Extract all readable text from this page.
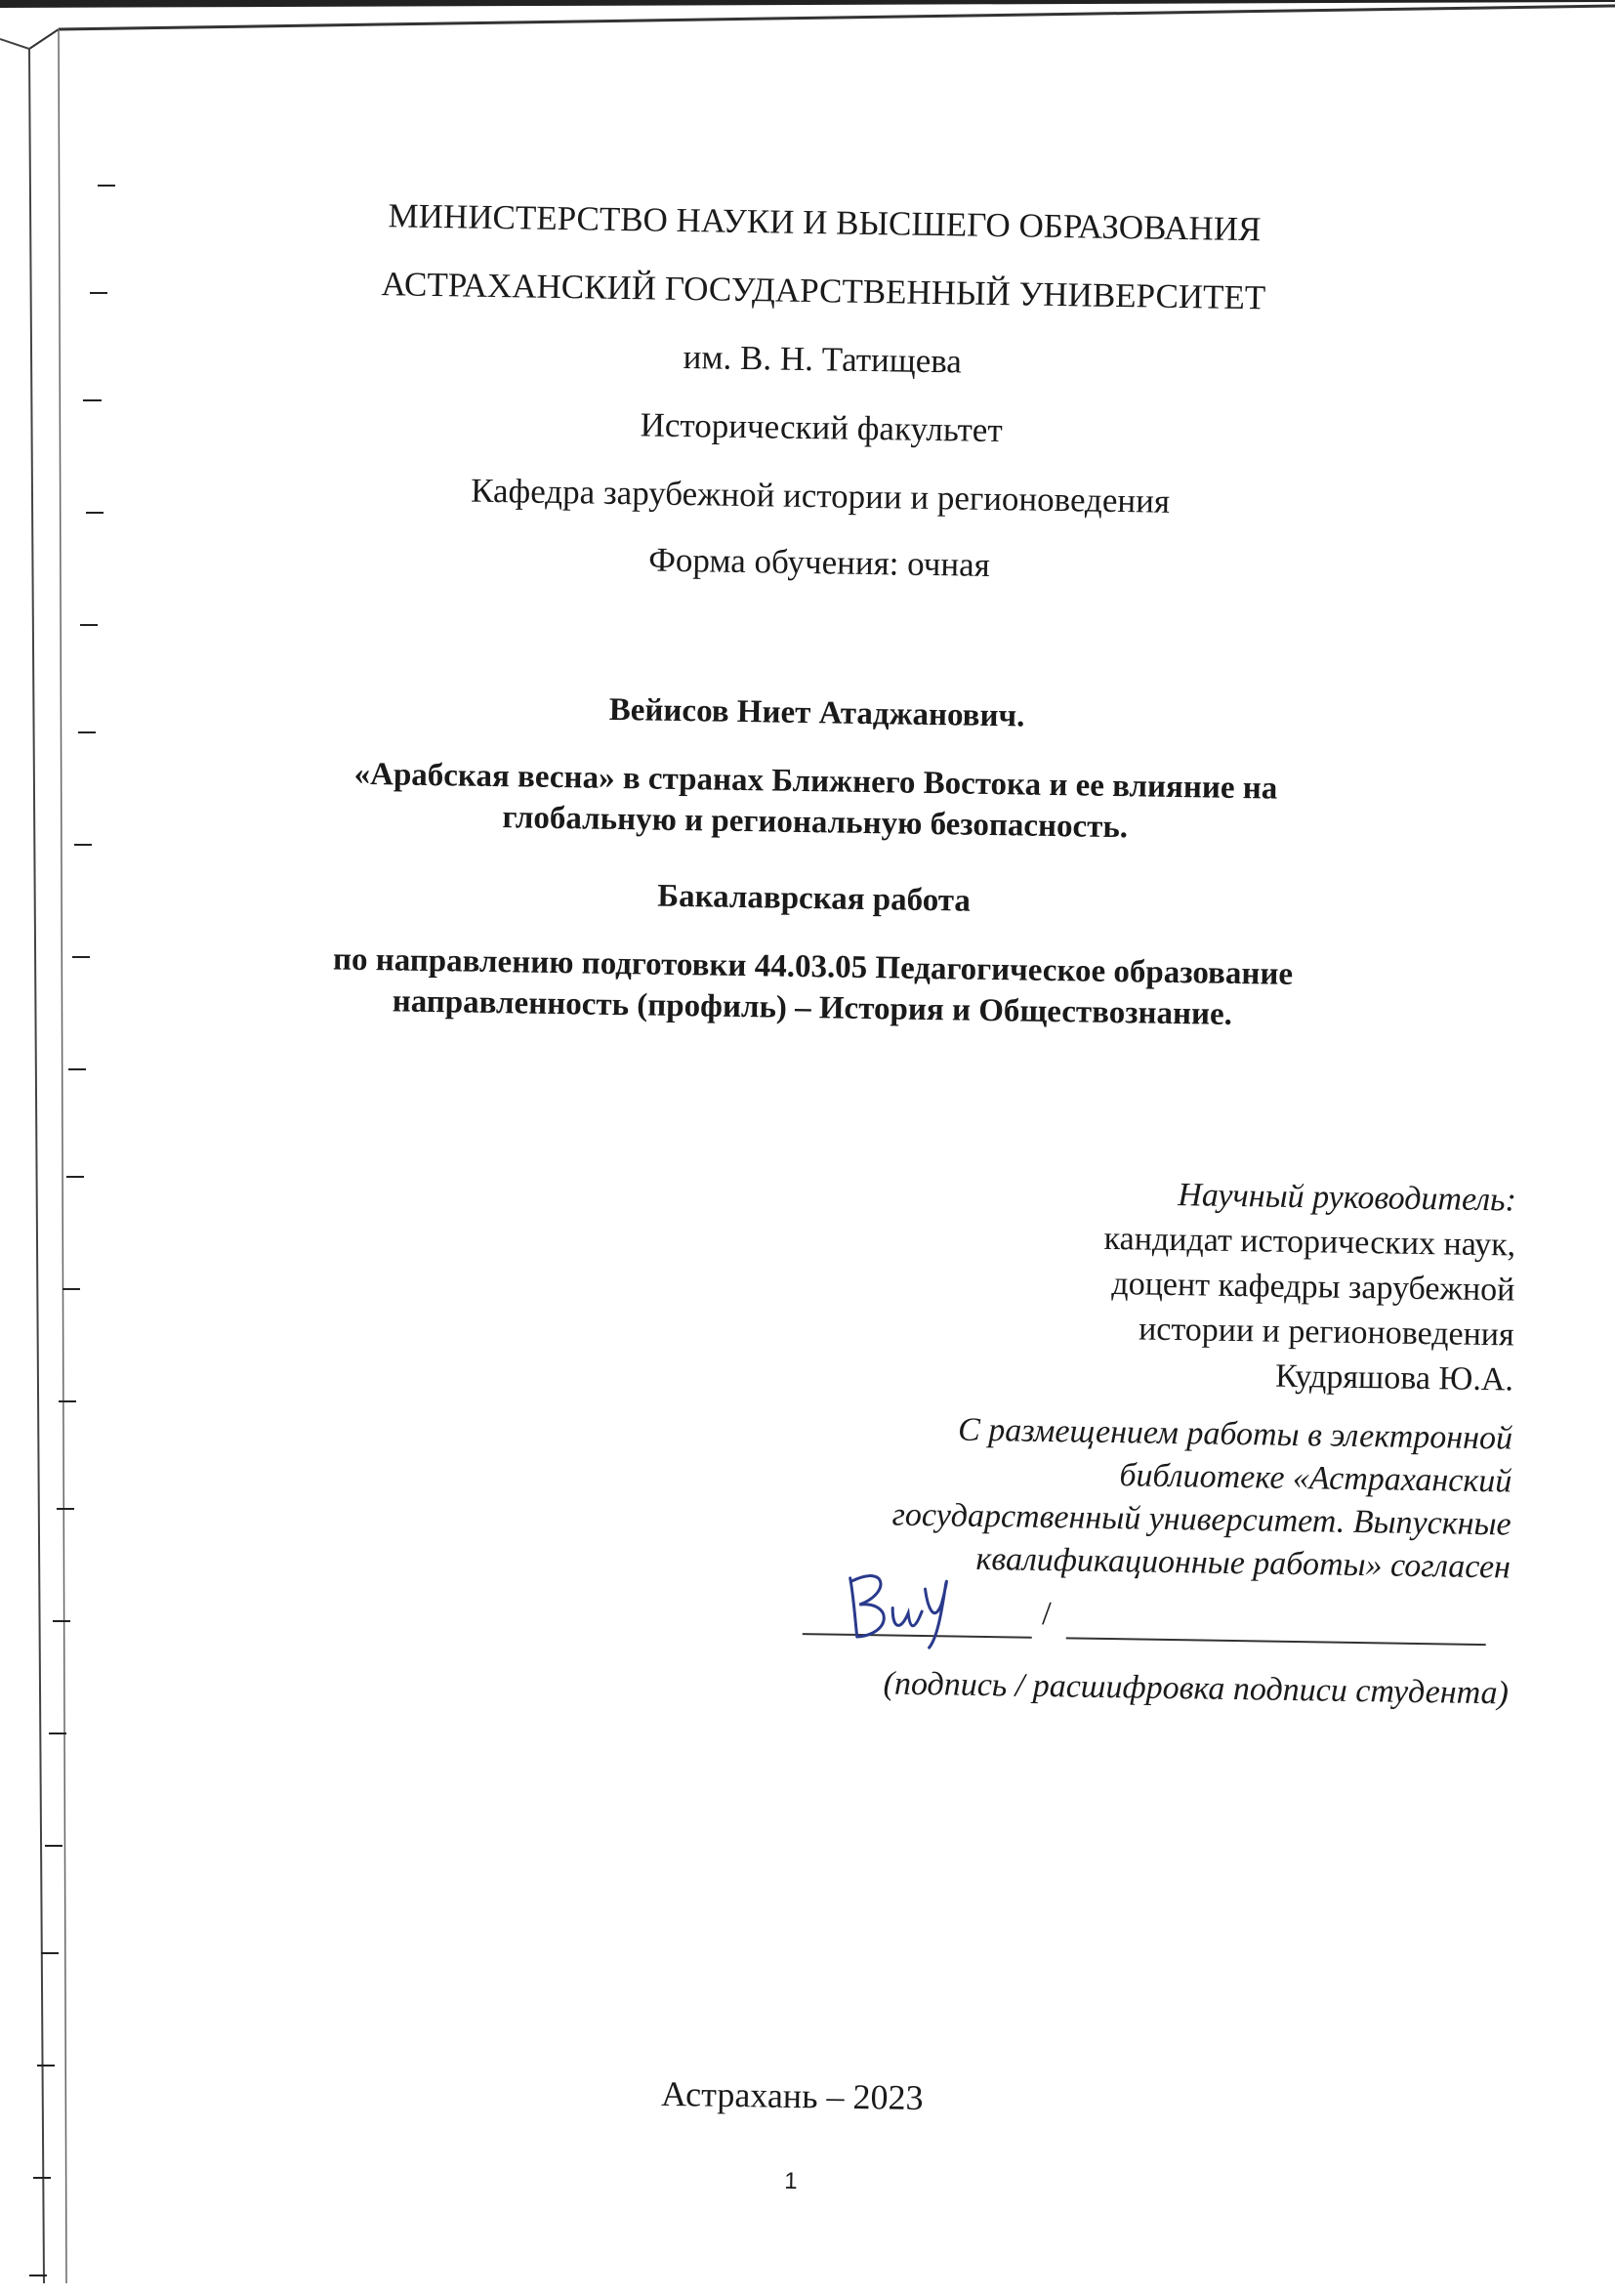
МИНИСТЕРСТВО НАУКИ И ВЫСШЕГО ОБРАЗОВАНИЯ
АСТРАХАНСКИЙ ГОСУДАРСТВЕННЫЙ УНИВЕРСИТЕТ
им. В. Н. Татищева
Исторический факультет
Кафедра зарубежной истории и регионоведения
Форма обучения: очная
Вейисов Ниет Атаджанович.
«Арабская весна» в странах Ближнего Востока и ее влияние на
глобальную и региональную безопасность.
Бакалаврская работа
по направлению подготовки 44.03.05 Педагогическое образование
направленность (профиль) – История и Обществознание.
Научный руководитель:
кандидат исторических наук,
доцент кафедры зарубежной
истории и регионоведения
Кудряшова Ю.А.
С размещением работы в электронной
библиотеке «Астраханский
государственный университет. Выпускные
квалификационные работы» согласен
/
(подпись / расшифровка подписи студента)
Астрахань – 2023
1
